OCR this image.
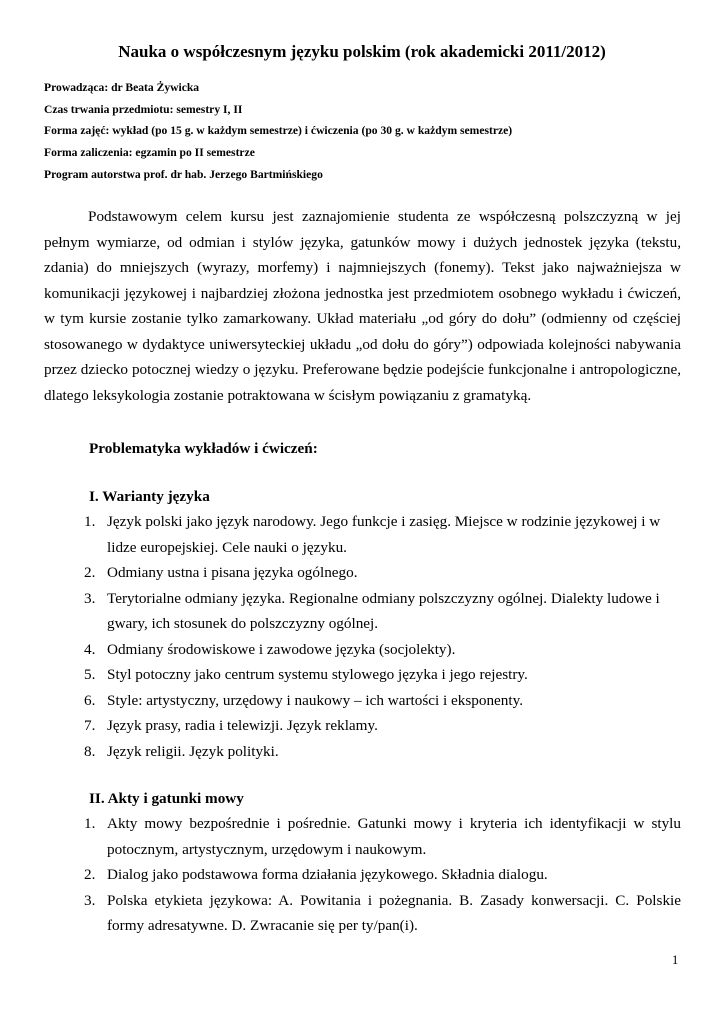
Nauka o współczesnym języku polskim (rok akademicki 2011/2012)
Prowadząca: dr Beata Żywicka
Czas trwania przedmiotu: semestry I, II
Forma zajęć: wykład (po 15 g. w każdym semestrze) i ćwiczenia (po 30 g. w każdym semestrze)
Forma zaliczenia: egzamin po II semestrze
Program autorstwa prof. dr hab. Jerzego Bartmińskiego

Podstawowym celem kursu jest zaznajomienie studenta ze współczesną polszczyzną w jej pełnym wymiarze, od odmian i stylów języka, gatunków mowy i dużych jednostek języka (tekstu, zdania) do mniejszych (wyrazy, morfemy) i najmniejszych (fonemy). Tekst jako najważniejsza w komunikacji językowej i najbardziej złożona jednostka jest przedmiotem osobnego wykładu i ćwiczeń, w tym kursie zostanie tylko zamarkowany. Układ materiału „od góry do dołu” (odmienny od częściej stosowanego w dydaktyce uniwersyteckiej układu „od dołu do góry”) odpowiada kolejności nabywania przez dziecko potocznej wiedzy o języku. Preferowane będzie podejście funkcjonalne i antropologiczne, dlatego leksykologia zostanie potraktowana w ścisłym powiązaniu z gramatyką.

Problematyka wykładów i ćwiczeń:
I. Warianty języka
1. Język polski jako język narodowy. Jego funkcje i zasięg. Miejsce w rodzinie językowej i w lidze europejskiej. Cele nauki o języku.
2. Odmiany ustna i pisana języka ogólnego.
3. Terytorialne odmiany języka. Regionalne odmiany polszczyzny ogólnej. Dialekty ludowe i gwary, ich stosunek do polszczyzny ogólnej.
4. Odmiany środowiskowe i zawodowe języka (socjolekty).
5. Styl potoczny jako centrum systemu stylowego języka i jego rejestry.
6. Style: artystyczny, urzędowy i naukowy – ich wartości i eksponenty.
7. Język prasy, radia i telewizji. Język reklamy.
8. Język religii. Język polityki.
II. Akty i gatunki mowy
1. Akty mowy bezpośrednie i pośrednie. Gatunki mowy i kryteria ich identyfikacji w stylu potocznym, artystycznym, urzędowym i naukowym.
2. Dialog jako podstawowa forma działania językowego. Składnia dialogu.
3. Polska etykieta językowa: A. Powitania i pożegnania. B. Zasady konwersacji. C. Polskie formy adresatywne. D. Zwracanie się per ty/pan(i).
1
